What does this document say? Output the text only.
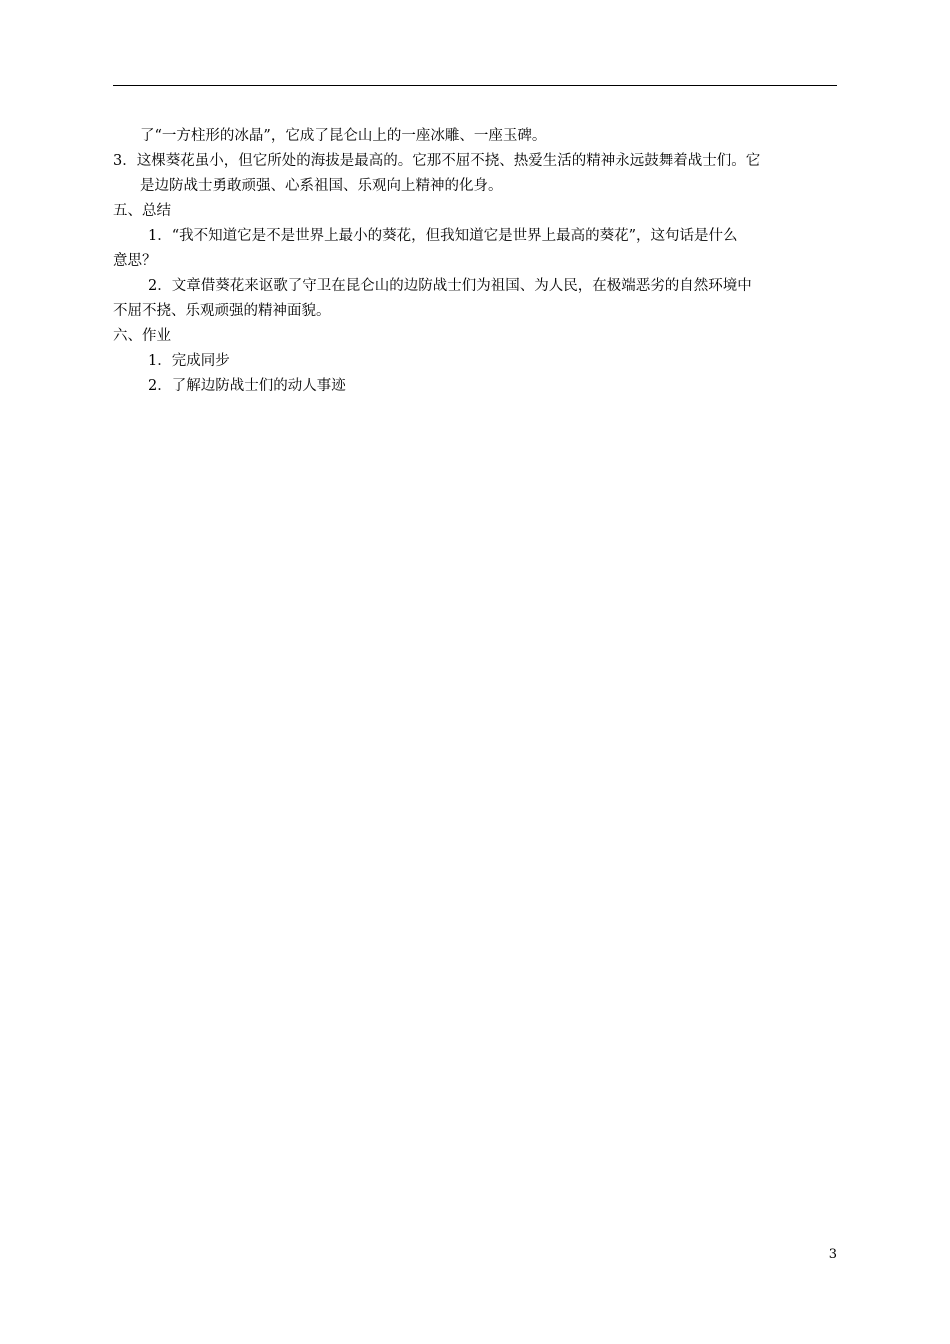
了“一方柱形的冰晶”，它成了昆仑山上的一座冰雕、一座玉碑。
3．这棵葵花虽小，但它所处的海拔是最高的。它那不屈不挠、热爱生活的精神永远鼓舞着战士们。它
是边防战士勇敢顽强、心系祖国、乐观向上精神的化身。
五、总结
1．“我不知道它是不是世界上最小的葵花，但我知道它是世界上最高的葵花”，这句话是什么
意思？
2．文章借葵花来讴歌了守卫在昆仑山的边防战士们为祖国、为人民，在极端恶劣的自然环境中
不屈不挠、乐观顽强的精神面貌。
六、作业
1．完成同步
2．了解边防战士们的动人事迹
3
